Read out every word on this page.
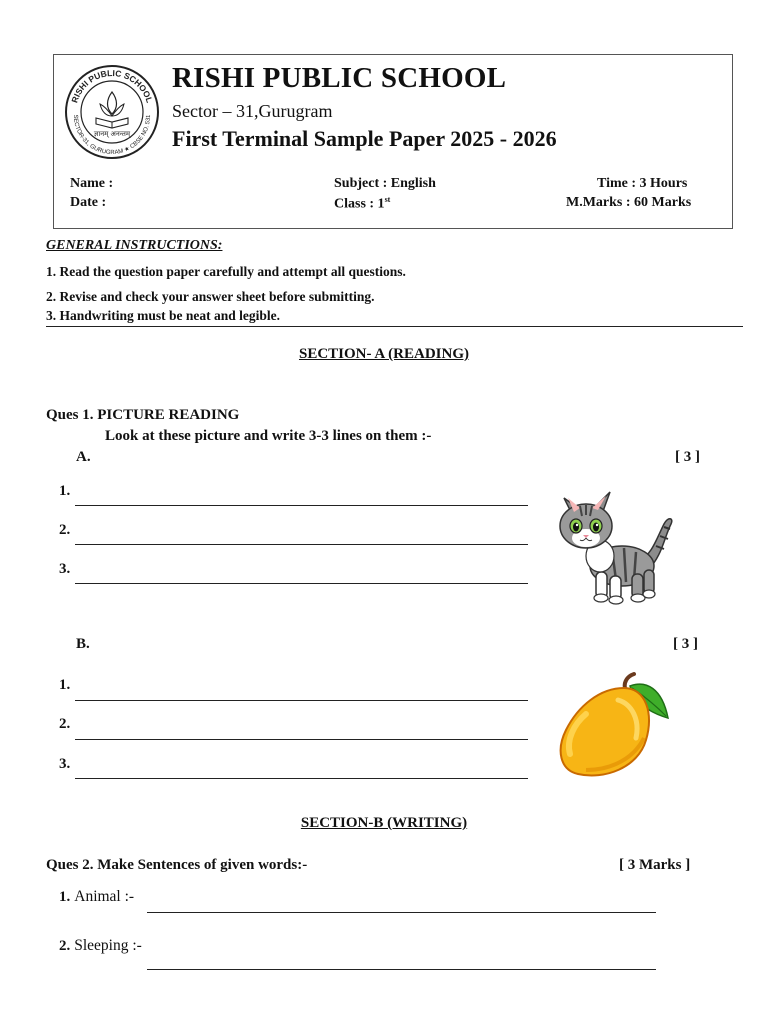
RISHI PUBLIC SCHOOL
SECTOR-31, GURUGRAM ★ CBSE NO. 531
ज्ञानम् अनन्तम्
RISHI PUBLIC SCHOOL
Sector – 31,Gurugram
First Terminal Sample Paper 2025 - 2026
Name :
Date :
Subject : English
Class : 1st
Time : 3 Hours
M.Marks : 60 Marks
GENERAL INSTRUCTIONS:
1. Read the question paper carefully and attempt all questions.
2. Revise and check your answer sheet before submitting.
3. Handwriting must be neat and legible.
SECTION- A (READING)
Ques 1. PICTURE READING
Look at these picture and write 3-3 lines on them :-
A.	[ 3 ]
1.
2.
3.
B.	[ 3 ]
1.
2.
3.
SECTION-B (WRITING)
Ques 2. Make Sentences of given words:-	[ 3 Marks ]
1. Animal :-
2. Sleeping :-
